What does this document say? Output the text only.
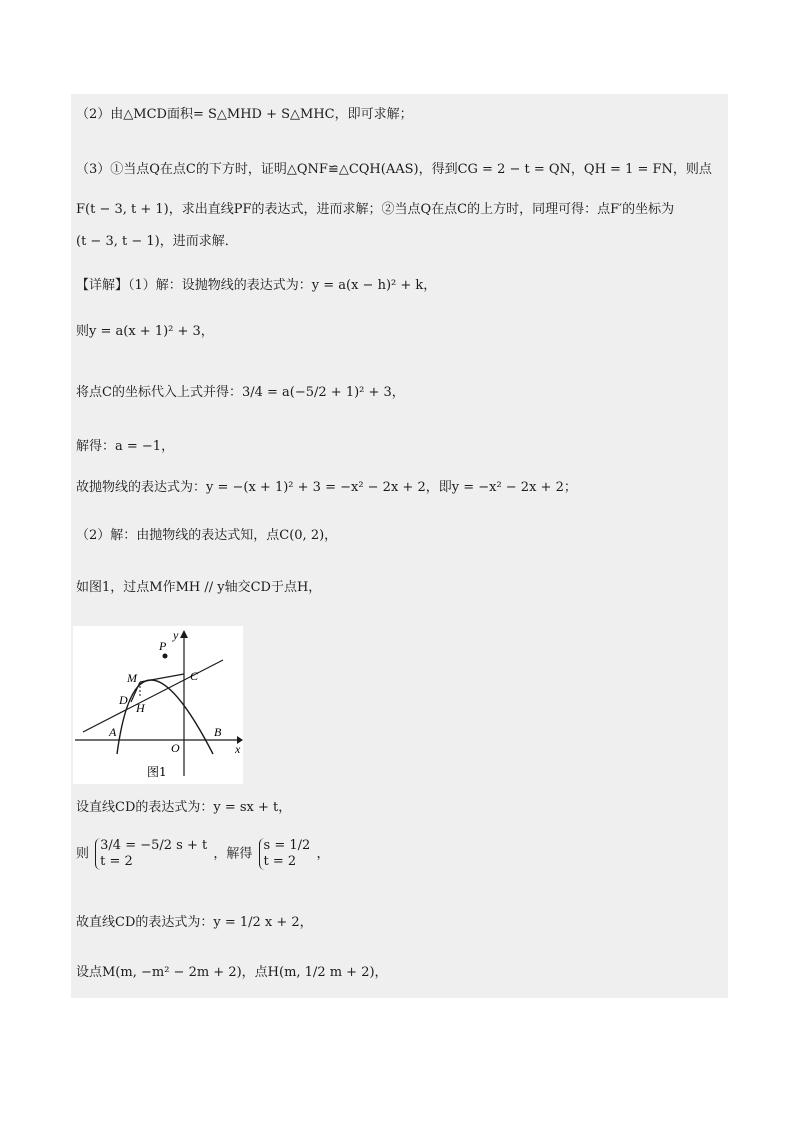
（2）由△MCD面积= S△MHD + S△MHC，即可求解；
（3）①当点Q在点C的下方时，证明△QNF≌△CQH(AAS)，得到CG = 2 − t = QN，QH = 1 = FN，则点
F(t − 3, t + 1)，求出直线PF的表达式，进而求解；②当点Q在点C的上方时，同理可得：点F′的坐标为
(t − 3, t − 1)，进而求解．
【详解】（1）解：设抛物线的表达式为：y = a(x − h)² + k，
则y = a(x + 1)² + 3，
将点C的坐标代入上式并得：3/4 = a(−5/2 + 1)² + 3，
解得：a = −1，
故抛物线的表达式为：y = −(x + 1)² + 3 = −x² − 2x + 2，即y = −x² − 2x + 2；
（2）解：由抛物线的表达式知，点C(0, 2)，
如图1，过点M作MH // y轴交CD于点H，
y
x
O
A	B
C
D
H
M
P
图1
设直线CD的表达式为：y = sx + t，
则
3/4 = −5/2 s + t
t = 2	，解得
s = 1/2
t = 2	，
故直线CD的表达式为：y = 1/2 x + 2，
设点M(m, −m² − 2m + 2)，点H(m, 1/2 m + 2)，
